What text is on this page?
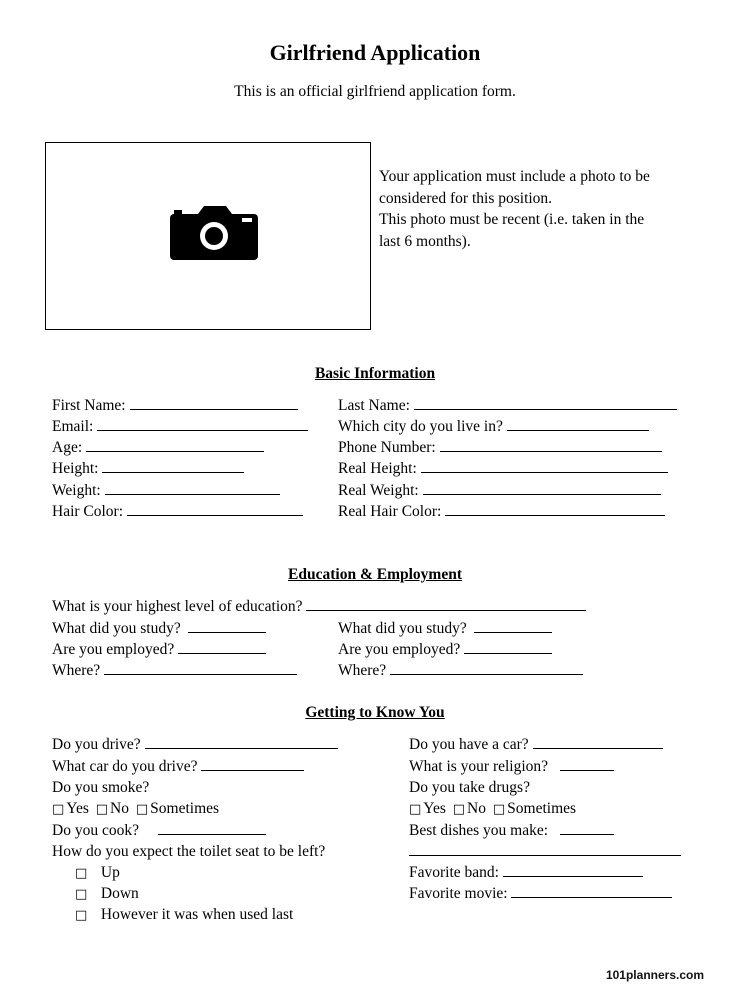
Girlfriend Application
This is an official girlfriend application form.
Your application must include a photo to be
considered for this position.
This photo must be recent (i.e. taken in the
last 6 months).
Basic Information
First Name:
Email:
Age:
Height:
Weight:
Hair Color:
Last Name:
Which city do you live in?
Phone Number:
Real Height:
Real Weight:
Real Hair Color:
Education & Employment
What is your highest level of education?
What did you study?
Are you employed?
Where?
What did you study?
Are you employed?
Where?
Getting to Know You
Do you drive?
What car do you drive?
Do you smoke?
□ Yes □ No □ Sometimes
Do you cook?
How do you expect the toilet seat to be left?
□ Up
□ Down
□ However it was when used last
Do you have a car?
What is your religion?
Do you take drugs?
□ Yes □ No □ Sometimes
Best dishes you make:
Favorite band:
Favorite movie:
101planners.com
